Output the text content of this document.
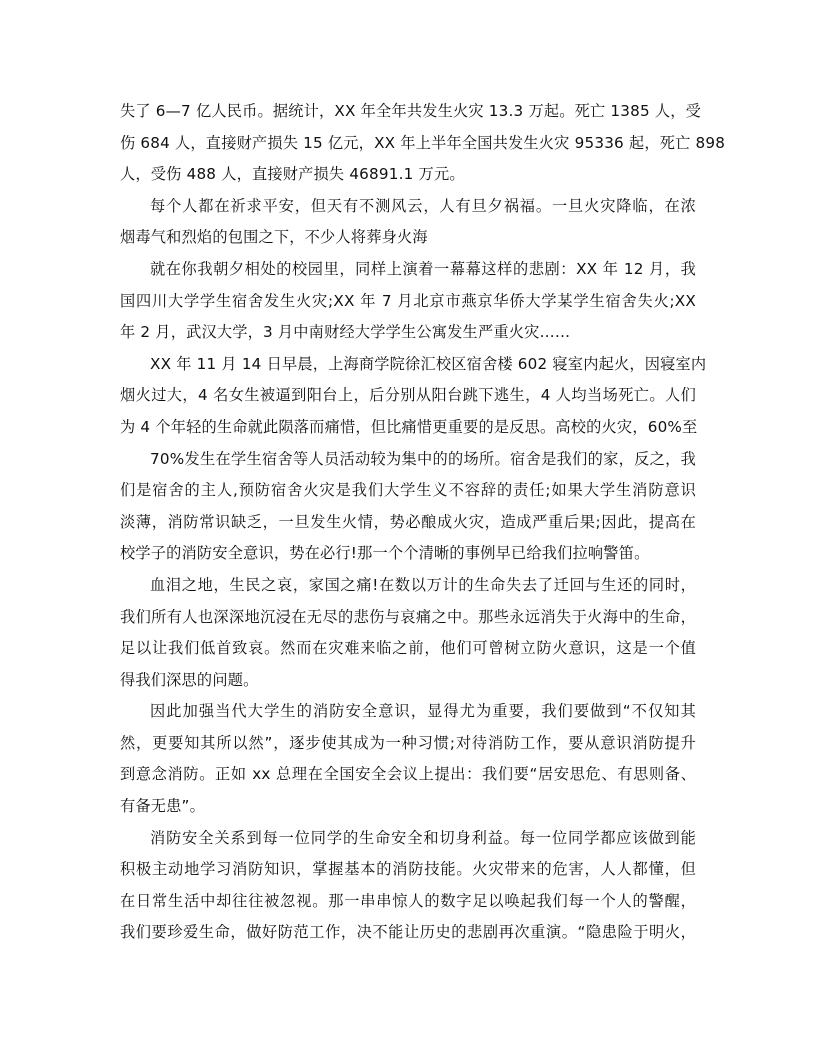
失了 6—7 亿人民币。据统计，XX 年全年共发生火灾 13.3 万起。死亡 1385 人，受
伤 684 人，直接财产损失 15 亿元，XX 年上半年全国共发生火灾 95336 起，死亡 898
人，受伤 488 人，直接财产损失 46891.1 万元。
每个人都在祈求平安，但天有不测风云，人有旦夕祸福。一旦火灾降临，在浓
烟毒气和烈焰的包围之下，不少人将葬身火海
就在你我朝夕相处的校园里，同样上演着一幕幕这样的悲剧：XX 年 12 月，我
国四川大学学生宿舍发生火灾;XX 年 7 月北京市燕京华侨大学某学生宿舍失火;XX
年 2 月，武汉大学，3 月中南财经大学学生公寓发生严重火灾……
XX 年 11 月 14 日早晨，上海商学院徐汇校区宿舍楼 602 寝室内起火，因寝室内
烟火过大，4 名女生被逼到阳台上，后分别从阳台跳下逃生，4 人均当场死亡。人们
为 4 个年轻的生命就此陨落而痛惜，但比痛惜更重要的是反思。高校的火灾，60%至
70%发生在学生宿舍等人员活动较为集中的的场所。宿舍是我们的家，反之，我
们是宿舍的主人,预防宿舍火灾是我们大学生义不容辞的责任;如果大学生消防意识
淡薄，消防常识缺乏，一旦发生火情，势必酿成火灾，造成严重后果;因此，提高在
校学子的消防安全意识，势在必行!那一个个清晰的事例早已给我们拉响警笛。
血泪之地，生民之哀，家国之痛!在数以万计的生命失去了迁回与生还的同时，
我们所有人也深深地沉浸在无尽的悲伤与哀痛之中。那些永远消失于火海中的生命，
足以让我们低首致哀。然而在灾难来临之前，他们可曾树立防火意识，这是一个值
得我们深思的问题。
因此加强当代大学生的消防安全意识，显得尤为重要，我们要做到“不仅知其
然，更要知其所以然”，逐步使其成为一种习惯;对待消防工作，要从意识消防提升
到意念消防。正如 xx 总理在全国安全会议上提出：我们要“居安思危、有思则备、
有备无患”。
消防安全关系到每一位同学的生命安全和切身利益。每一位同学都应该做到能
积极主动地学习消防知识，掌握基本的消防技能。火灾带来的危害，人人都懂，但
在日常生活中却往往被忽视。那一串串惊人的数字足以唤起我们每一个人的警醒，
我们要珍爱生命，做好防范工作，决不能让历史的悲剧再次重演。“隐患险于明火，
